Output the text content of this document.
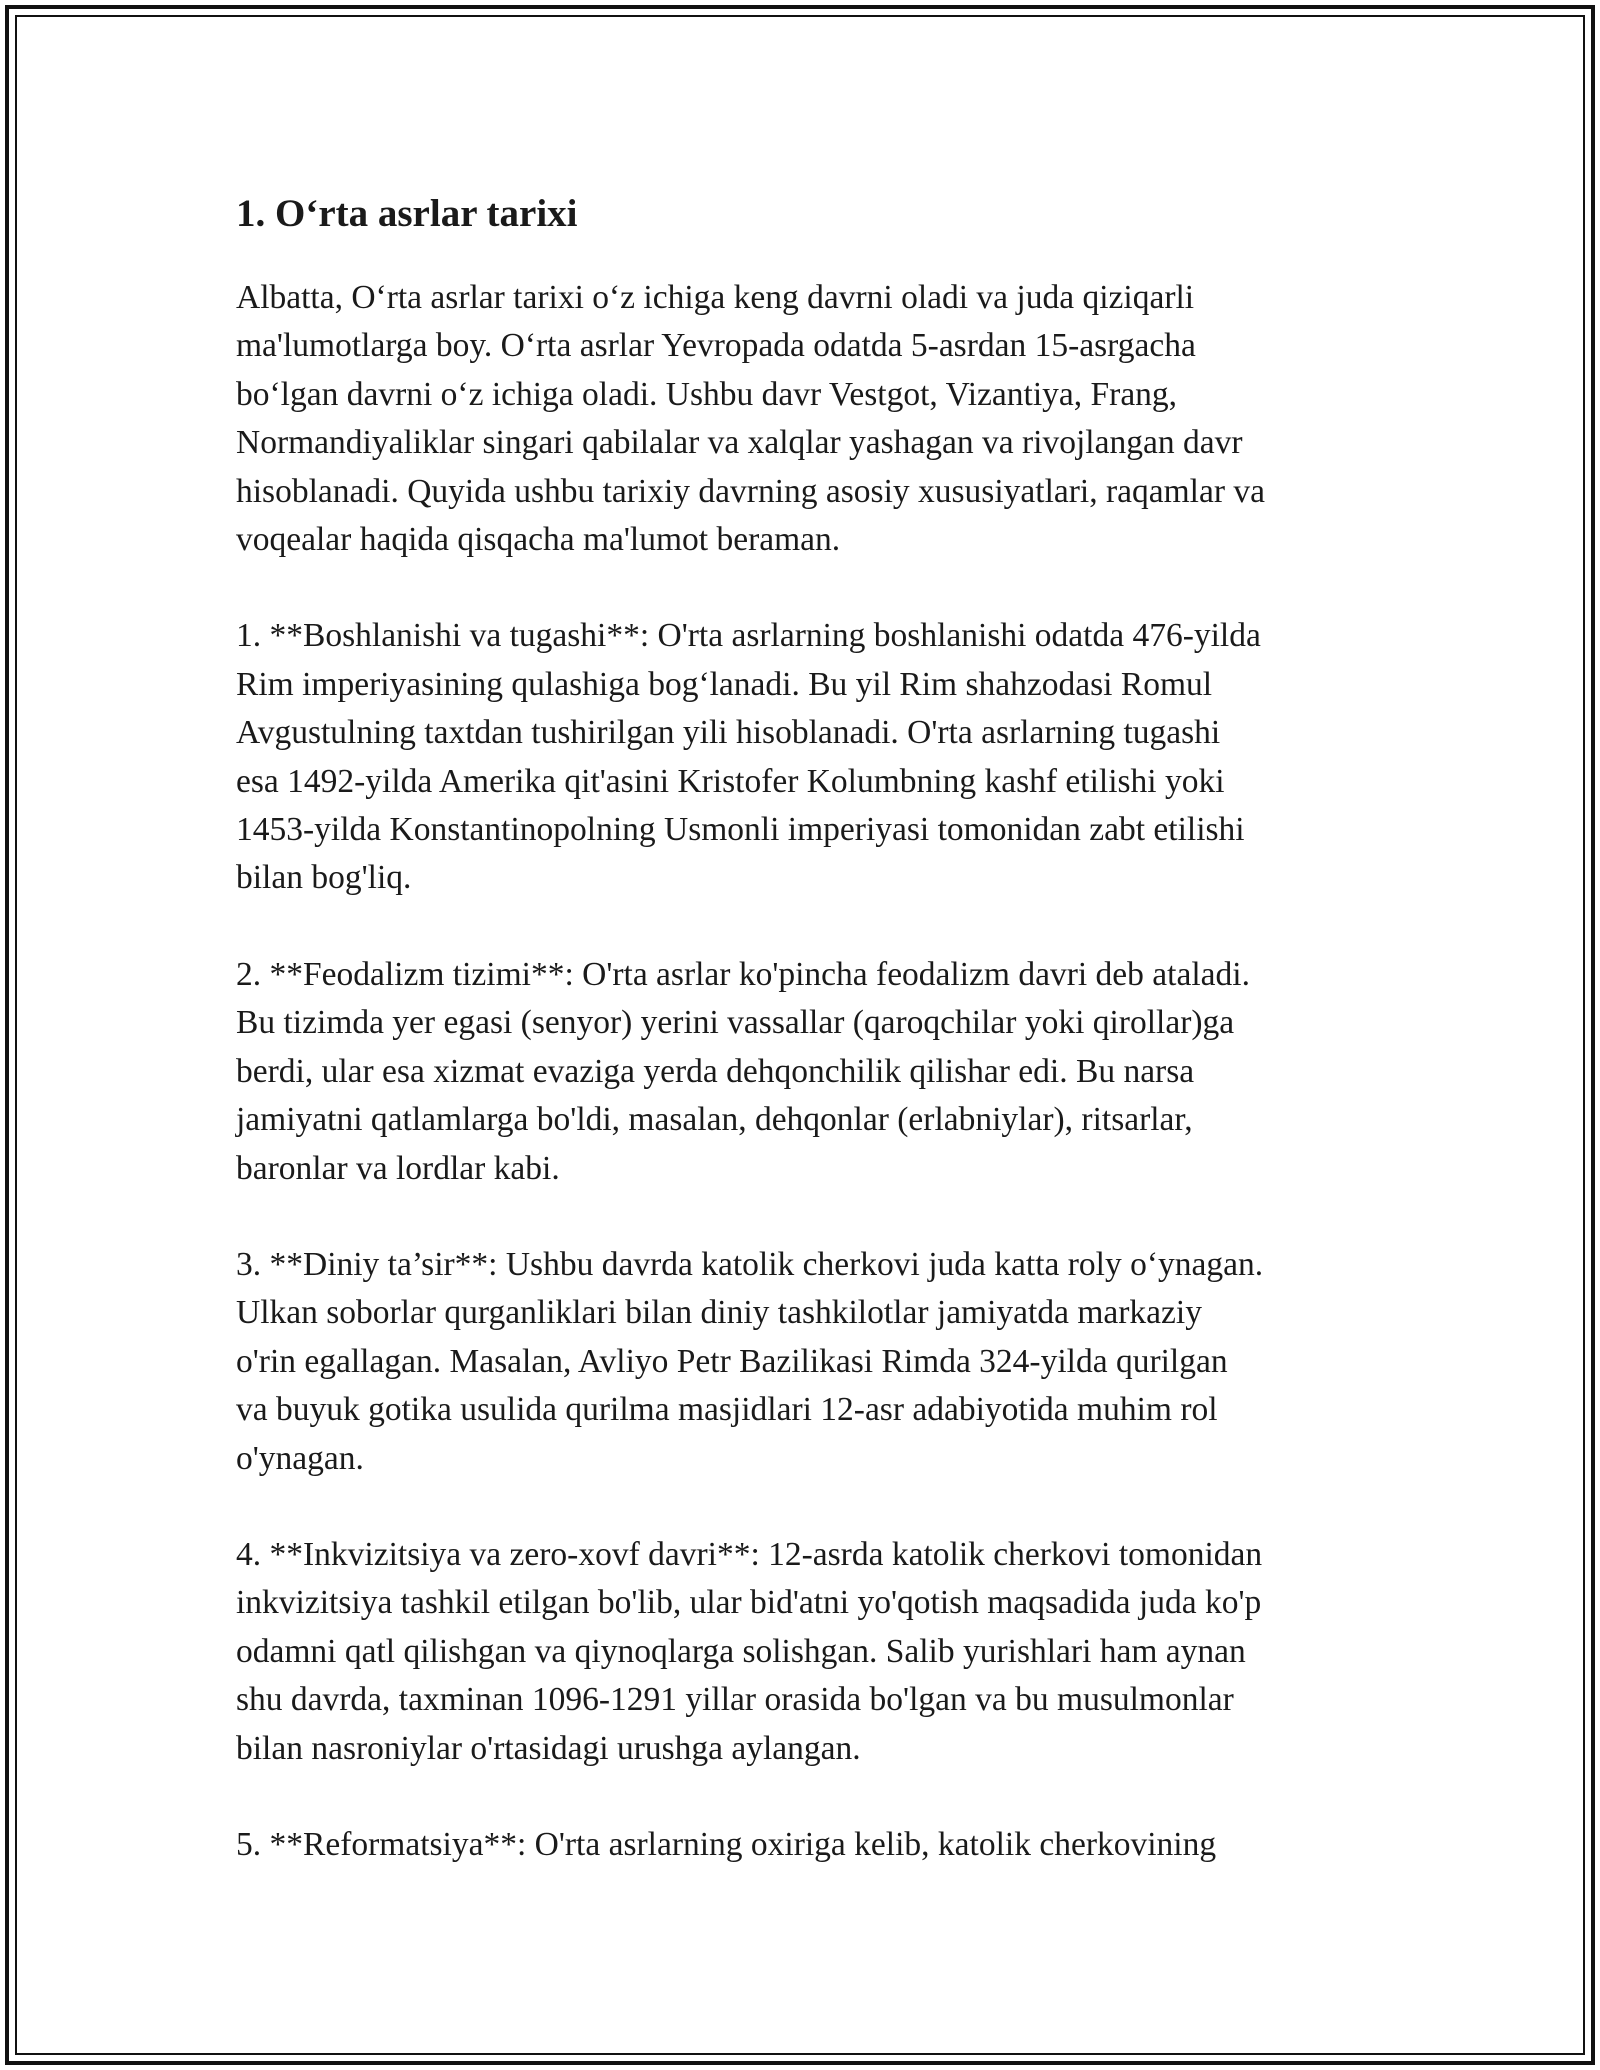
1. O‘rta asrlar tarixi

Albatta, O‘rta asrlar tarixi o‘z ichiga keng davrni oladi va juda qiziqarli
ma'lumotlarga boy. O‘rta asrlar Yevropada odatda 5-asrdan 15-asrgacha
bo‘lgan davrni o‘z ichiga oladi. Ushbu davr Vestgot, Vizantiya, Frang,
Normandiyaliklar singari qabilalar va xalqlar yashagan va rivojlangan davr
hisoblanadi. Quyida ushbu tarixiy davrning asosiy xususiyatlari, raqamlar va
voqealar haqida qisqacha ma'lumot beraman.

1. **Boshlanishi va tugashi**: O'rta asrlarning boshlanishi odatda 476-yilda
Rim imperiyasining qulashiga bog‘lanadi. Bu yil Rim shahzodasi Romul
Avgustulning taxtdan tushirilgan yili hisoblanadi. O'rta asrlarning tugashi
esa 1492-yilda Amerika qit'asini Kristofer Kolumbning kashf etilishi yoki
1453-yilda Konstantinopolning Usmonli imperiyasi tomonidan zabt etilishi
bilan bog'liq.

2. **Feodalizm tizimi**: O'rta asrlar ko'pincha feodalizm davri deb ataladi.
Bu tizimda yer egasi (senyor) yerini vassallar (qaroqchilar yoki qirollar)ga
berdi, ular esa xizmat evaziga yerda dehqonchilik qilishar edi. Bu narsa
jamiyatni qatlamlarga bo'ldi, masalan, dehqonlar (erlabniylar), ritsarlar,
baronlar va lordlar kabi.

3. **Diniy ta’sir**: Ushbu davrda katolik cherkovi juda katta roly o‘ynagan.
Ulkan soborlar qurganliklari bilan diniy tashkilotlar jamiyatda markaziy
o'rin egallagan. Masalan, Avliyo Petr Bazilikasi Rimda 324-yilda qurilgan
va buyuk gotika usulida qurilma masjidlari 12-asr adabiyotida muhim rol
o'ynagan.

4. **Inkvizitsiya va zero-xovf davri**: 12-asrda katolik cherkovi tomonidan
inkvizitsiya tashkil etilgan bo'lib, ular bid'atni yo'qotish maqsadida juda ko'p
odamni qatl qilishgan va qiynoqlarga solishgan. Salib yurishlari ham aynan
shu davrda, taxminan 1096-1291 yillar orasida bo'lgan va bu musulmonlar
bilan nasroniylar o'rtasidagi urushga aylangan.

5. **Reformatsiya**: O'rta asrlarning oxiriga kelib, katolik cherkovining
